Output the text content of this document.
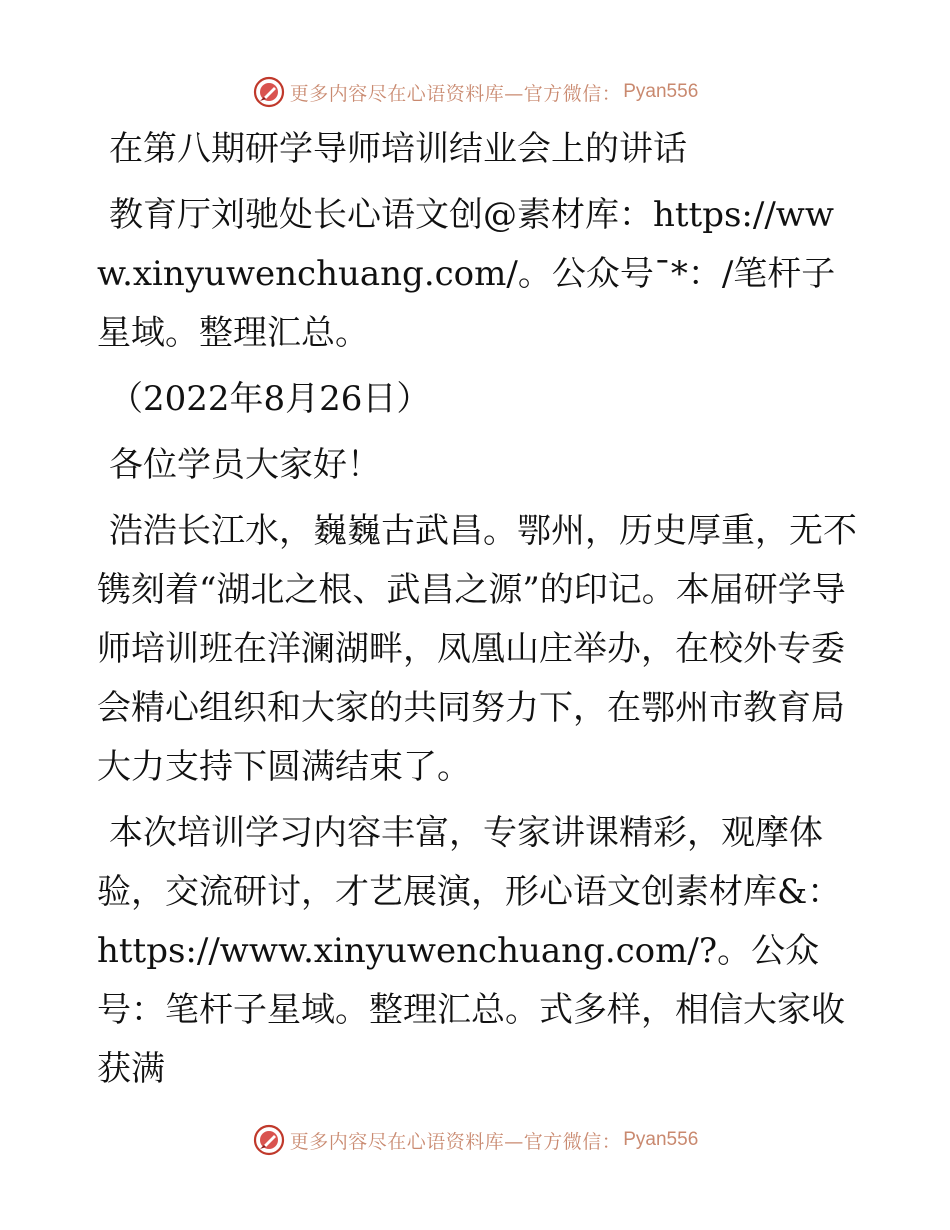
更多内容尽在心语资料库—官方微信： Pyan556

在第八期研学导师培训结业会上的讲话

教育厅刘驰处长心语文创@素材库：https://www.xinyuwenchuang.com/。公众号¯*：/笔杆子星域。整理汇总。

（2022年8月26日）

各位学员大家好！

浩浩长江水，巍巍古武昌。鄂州，历史厚重，无不镌刻着“湖北之根、武昌之源”的印记。本届研学导师培训班在洋澜湖畔，凤凰山庄举办，在校外专委会精心组织和大家的共同努力下，在鄂州市教育局大力支持下圆满结束了。

本次培训学习内容丰富，专家讲课精彩，观摩体验，交流研讨，才艺展演，形心语文创素材库&：https://www.xinyuwenchuang.com/?。公众号：笔杆子星域。整理汇总。式多样，相信大家收获满

更多内容尽在心语资料库—官方微信： Pyan556
